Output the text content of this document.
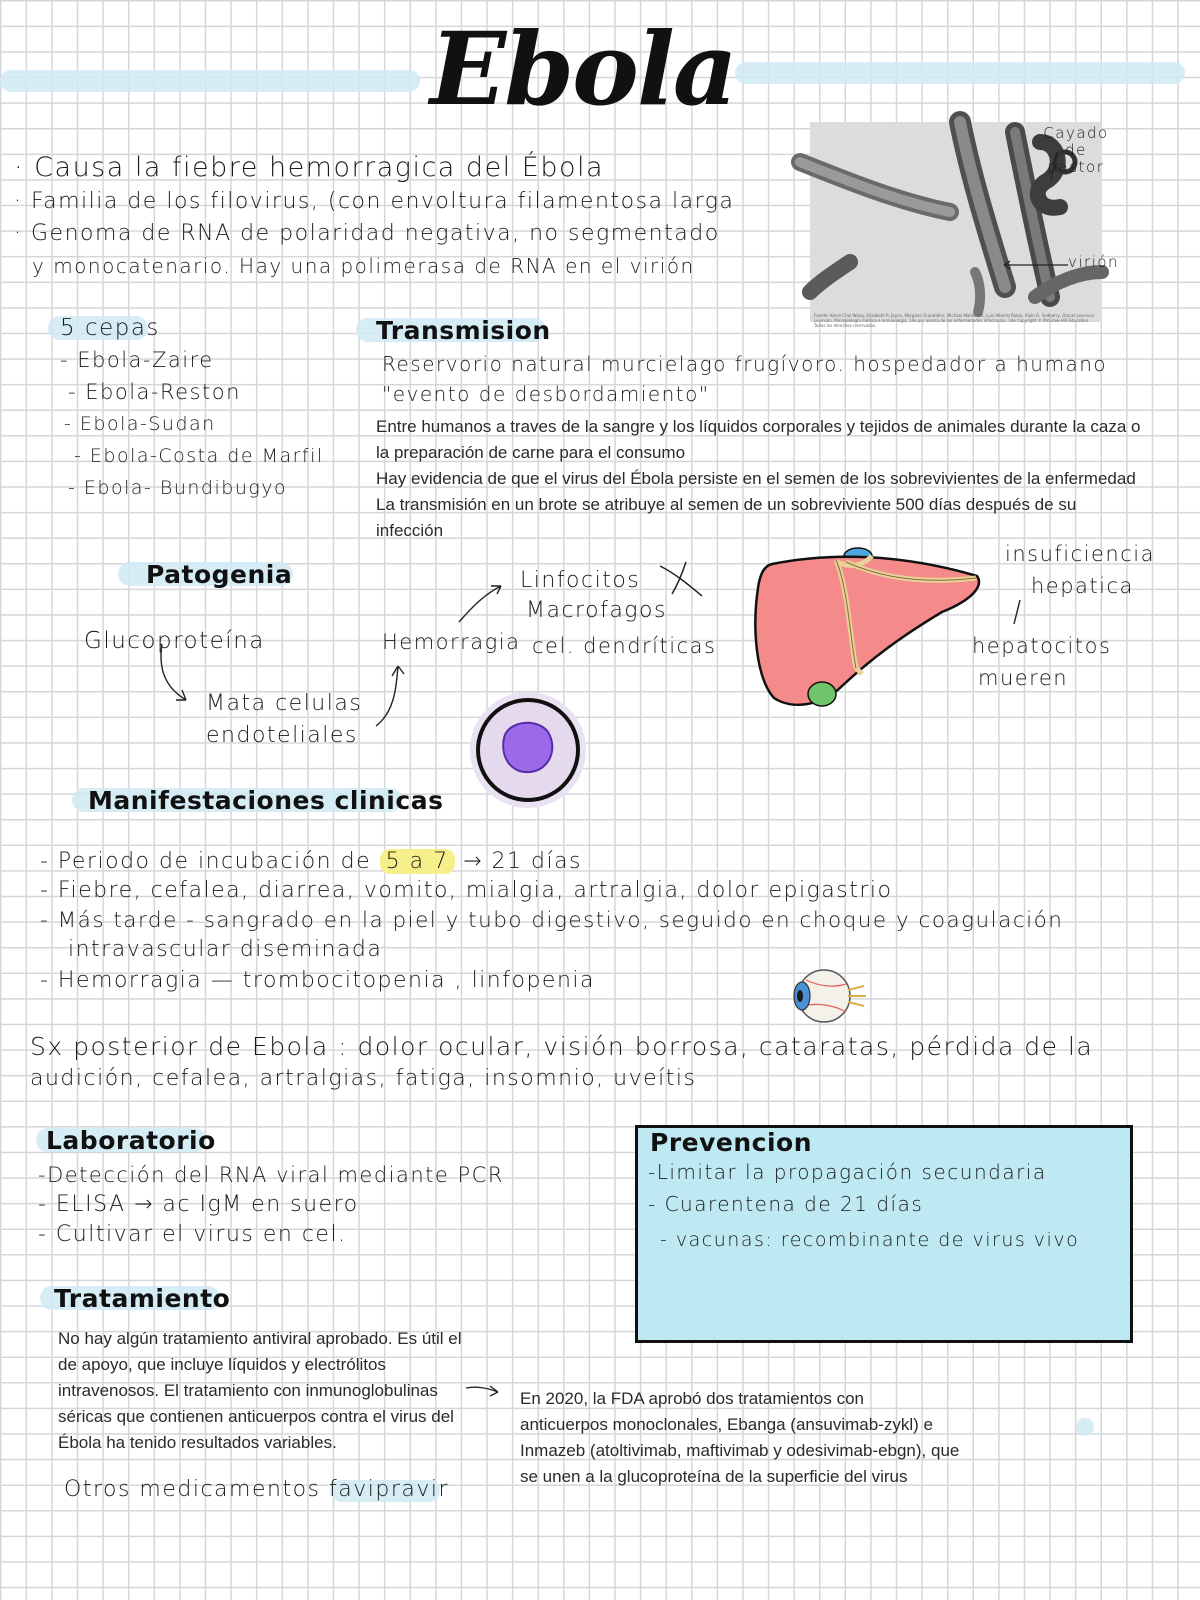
Ebola
· Causa la fiebre hemorragica del Ébola
· Familia de los filovirus, (con envoltura filamentosa larga
· Genoma de RNA de polaridad negativa, no segmentado
y monocatenario. Hay una polimerasa de RNA en el virión
Fuente: Kevin Choi-Wong, Elizabeth R. Joyce, Morgane Grandidier, Michael Mallouhas, Luis Alberto Rubio, Alain G. Sedberry, Daniel Levinson Levinson, Microbiología médica e inmunología, 14e por acerca de las enfermedades infecciosas. 14e Copyright © McGraw-Hill Education. Todos los derechos reservados.
Cayado de pastor
virión
5 cepas
- Ebola-Zaire
- Ebola-Reston
- Ebola-Sudan
- Ebola-Costa de Marfil
- Ebola- Bundibugyo
Transmision
Reservorio natural murcielago frugívoro. hospedador a humano
"evento de desbordamiento"
Entre humanos a traves de la sangre y los líquidos corporales y tejidos de animales durante la caza o
la preparación de carne para el consumo
Hay evidencia de que el virus del Ébola persiste en el semen de los sobrevivientes de la enfermedad
La transmisión en un brote se atribuye al semen de un sobreviviente 500 días después de su
infección
Patogenia
Glucoproteína
Mata celulas
endoteliales
Hemorragia
Linfocitos
Macrofagos
cel. dendríticas
insuficiencia
hepatica
hepatocitos
mueren
Manifestaciones clinicas
- Periodo de incubación de 5 a 7 → 21 días
- Fiebre, cefalea, diarrea, vomito, mialgia, artralgia, dolor epigastrio
- Más tarde - sangrado en la piel y tubo digestivo, seguido en choque y coagulación
intravascular diseminada
- Hemorragia — trombocitopenia , linfopenia
Sx posterior de Ebola : dolor ocular, visión borrosa, cataratas, pérdida de la
audición, cefalea, artralgias, fatiga, insomnio, uveítis
Laboratorio
-Detección del RNA viral mediante PCR
- ELISA → ac IgM en suero
- Cultivar el virus en cel.
Prevencion
-Limitar la propagación secundaria
- Cuarentena de 21 días
- vacunas: recombinante de virus vivo
Tratamiento
No hay algún tratamiento antiviral aprobado. Es útil el
de apoyo, que incluye líquidos y electrólitos
intravenosos. El tratamiento con inmunoglobulinas
séricas que contienen anticuerpos contra el virus del
Ébola ha tenido resultados variables.
En 2020, la FDA aprobó dos tratamientos con
anticuerpos monoclonales, Ebanga (ansuvimab-zykl) e
Inmazeb (atoltivimab, maftivimab y odesivimab-ebgn), que
se unen a la glucoproteína de la superficie del virus
Otros medicamentos favipravir
